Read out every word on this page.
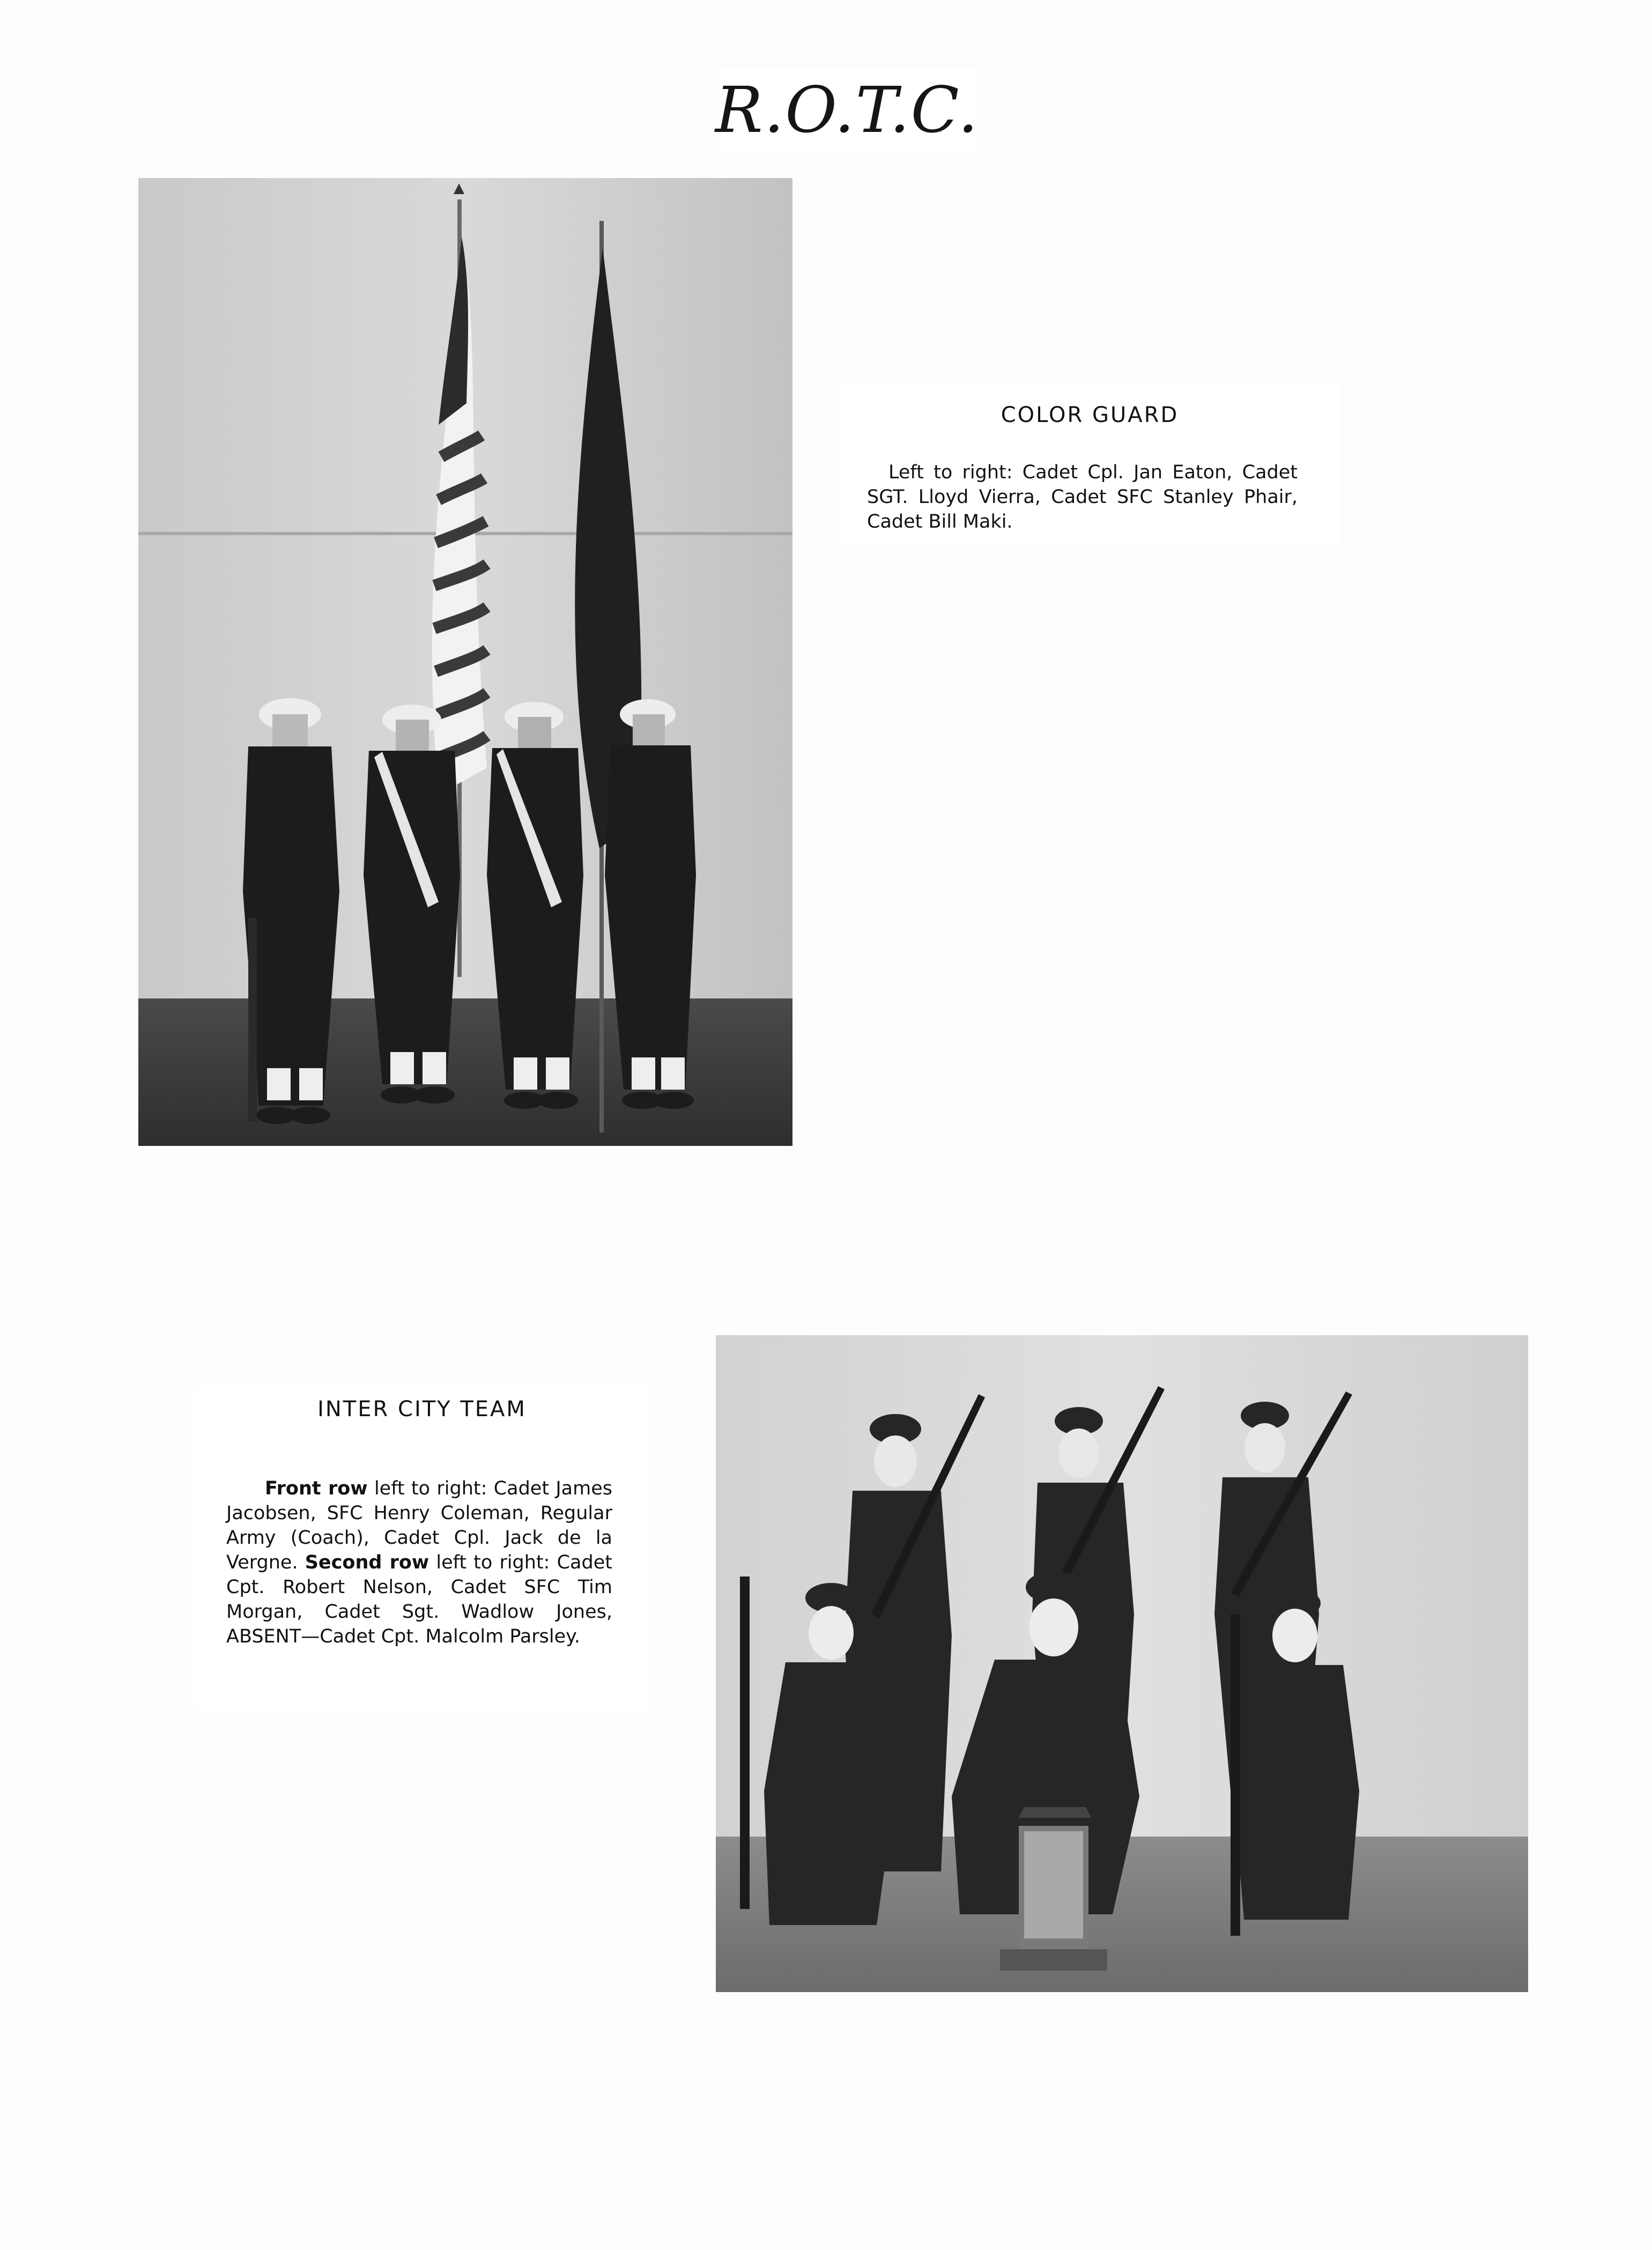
R.O.T.C.
COLOR GUARD

Left to right: Cadet Cpl. Jan Eaton, Cadet SGT. Lloyd Vierra, Cadet SFC Stanley Phair, Cadet Bill Maki.

INTER CITY TEAM

Front row left to right: Cadet James Jacobsen, SFC Henry Coleman, Regular Army (Coach), Cadet Cpl. Jack de la Vergne. Second row left to right: Cadet Cpt. Robert Nelson, Cadet SFC Tim Morgan, Cadet Sgt. Wadlow Jones, ABSENT—Cadet Cpt. Malcolm Parsley.
